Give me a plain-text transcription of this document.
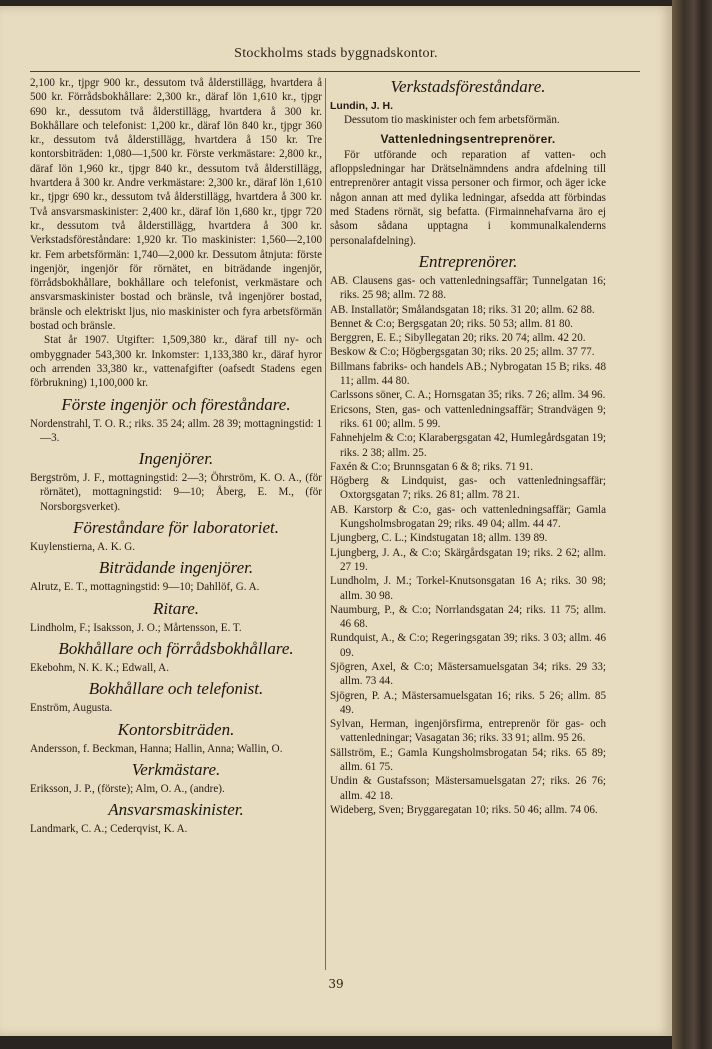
Stockholms stads byggnadskontor.

2,100 kr., tjpgr 900 kr., dessutom två ålderstillägg, hvartdera å 500 kr. Förrådsbokhållare: 2,300 kr., däraf lön 1,610 kr., tjpgr 690 kr., dessutom två ålderstillägg, hvartdera å 300 kr. Bokhållare och telefonist: 1,200 kr., däraf lön 840 kr., tjpgr 360 kr., dessutom två ålderstillägg, hvartdera å 150 kr. Tre kontorsbiträden: 1,080—1,500 kr. Förste verkmästare: 2,800 kr., däraf lön 1,960 kr., tjpgr 840 kr., dessutom två ålderstillägg, hvartdera å 300 kr. Andre verkmästare: 2,300 kr., däraf lön 1,610 kr., tjpgr 690 kr., dessutom två ålderstillägg, hvartdera å 300 kr. Två ansvarsmaskinister: 2,400 kr., däraf lön 1,680 kr., tjpgr 720 kr., dessutom två ålderstillägg, hvartdera å 300 kr. Verkstadsföreståndare: 1,920 kr. Tio maskinister: 1,560—2,100 kr. Fem arbetsförmän: 1,740—2,000 kr. Dessutom åtnjuta: förste ingenjör, ingenjör för rörnätet, en biträdande ingenjör, förrådsbokhållare, bokhållare och telefonist, verkmästare och ansvarsmaskinister bostad och bränsle, två ingenjörer bostad, bränsle och elektriskt ljus, nio maskinister och fyra arbetsförmän bostad och bränsle.

Stat år 1907. Utgifter: 1,509,380 kr., däraf till ny- och ombyggnader 543,300 kr. Inkomster: 1,133,380 kr., däraf hyror och arrenden 33,380 kr., vattenafgifter (oafsedt Stadens egen förbrukning) 1,100,000 kr.

Förste ingenjör och föreståndare.

Nordenstrahl, T. O. R.; riks. 35 24; allm. 28 39; mottagningstid: 1—3.

Ingenjörer.

Bergström, J. F., mottagningstid: 2—3; Öhrström, K. O. A., (för rörnätet), mottagningstid: 9—10; Åberg, E. M., (för Norsborgsverket).

Föreståndare för laboratoriet.

Kuylenstierna, A. K. G.

Biträdande ingenjörer.

Alrutz, E. T., mottagningstid: 9—10; Dahllöf, G. A.

Ritare.

Lindholm, F.; Isaksson, J. O.; Mårtensson, E. T.

Bokhållare och förrådsbokhållare.

Ekebohm, N. K. K.; Edwall, A.

Bokhållare och telefonist.

Enström, Augusta.

Kontorsbiträden.

Andersson, f. Beckman, Hanna; Hallin, Anna; Wallin, O.

Verkmästare.

Eriksson, J. P., (förste); Alm, O. A., (andre).

Ansvarsmaskinister.

Landmark, C. A.; Cederqvist, K. A.

Verkstadsföreståndare.

Lundin, J. H.

Dessutom tio maskinister och fem arbetsförmän.

Vattenledningsentreprenörer.

För utförande och reparation af vatten- och afloppsledningar har Drätselnämndens andra afdelning till entreprenörer antagit vissa personer och firmor, och äger icke någon annan att med dylika ledningar, afsedda att förbindas med Stadens rörnät, sig befatta. (Firmainnehafvarna äro ej såsom sådana upptagna i kommunalkalenderns personalafdelning).

Entreprenörer.

AB. Clausens gas- och vattenledningsaffär; Tunnelgatan 16; riks. 25 98; allm. 72 88.

AB. Installatör; Smålandsgatan 18; riks. 31 20; allm. 62 88.

Bennet & C:o; Bergsgatan 20; riks. 50 53; allm. 81 80.

Berggren, E. E.; Sibyllegatan 20; riks. 20 74; allm. 42 20.

Beskow & C:o; Högbergsgatan 30; riks. 20 25; allm. 37 77.

Billmans fabriks- och handels AB.; Nybrogatan 15 B; riks. 48 11; allm. 44 80.

Carlssons söner, C. A.; Hornsgatan 35; riks. 7 26; allm. 34 96.

Ericsons, Sten, gas- och vattenledningsaffär; Strandvägen 9; riks. 61 00; allm. 5 99.

Fahnehjelm & C:o; Klarabergsgatan 42, Humlegårdsgatan 19; riks. 2 38; allm. 25.

Faxén & C:o; Brunnsgatan 6 & 8; riks. 71 91.

Högberg & Lindquist, gas- och vattenledningsaffär; Oxtorgsgatan 7; riks. 26 81; allm. 78 21.

AB. Karstorp & C:o, gas- och vattenledningsaffär; Gamla Kungsholmsbrogatan 29; riks. 49 04; allm. 44 47.

Ljungberg, C. L.; Kindstugatan 18; allm. 139 89.

Ljungberg, J. A., & C:o; Skärgårdsgatan 19; riks. 2 62; allm. 27 19.

Lundholm, J. M.; Torkel-Knutsonsgatan 16 A; riks. 30 98; allm. 30 98.

Naumburg, P., & C:o; Norrlandsgatan 24; riks. 11 75; allm. 46 68.

Rundquist, A., & C:o; Regeringsgatan 39; riks. 3 03; allm. 46 09.

Sjögren, Axel, & C:o; Mästersamuelsgatan 34; riks. 29 33; allm. 73 44.

Sjögren, P. A.; Mästersamuelsgatan 16; riks. 5 26; allm. 85 49.

Sylvan, Herman, ingenjörsfirma, entreprenör för gas- och vattenledningar; Vasagatan 36; riks. 33 91; allm. 95 26.

Sällström, E.; Gamla Kungsholmsbrogatan 54; riks. 65 89; allm. 61 75.

Undin & Gustafsson; Mästersamuelsgatan 27; riks. 26 76; allm. 42 18.

Wideberg, Sven; Bryggaregatan 10; riks. 50 46; allm. 74 06.

39
